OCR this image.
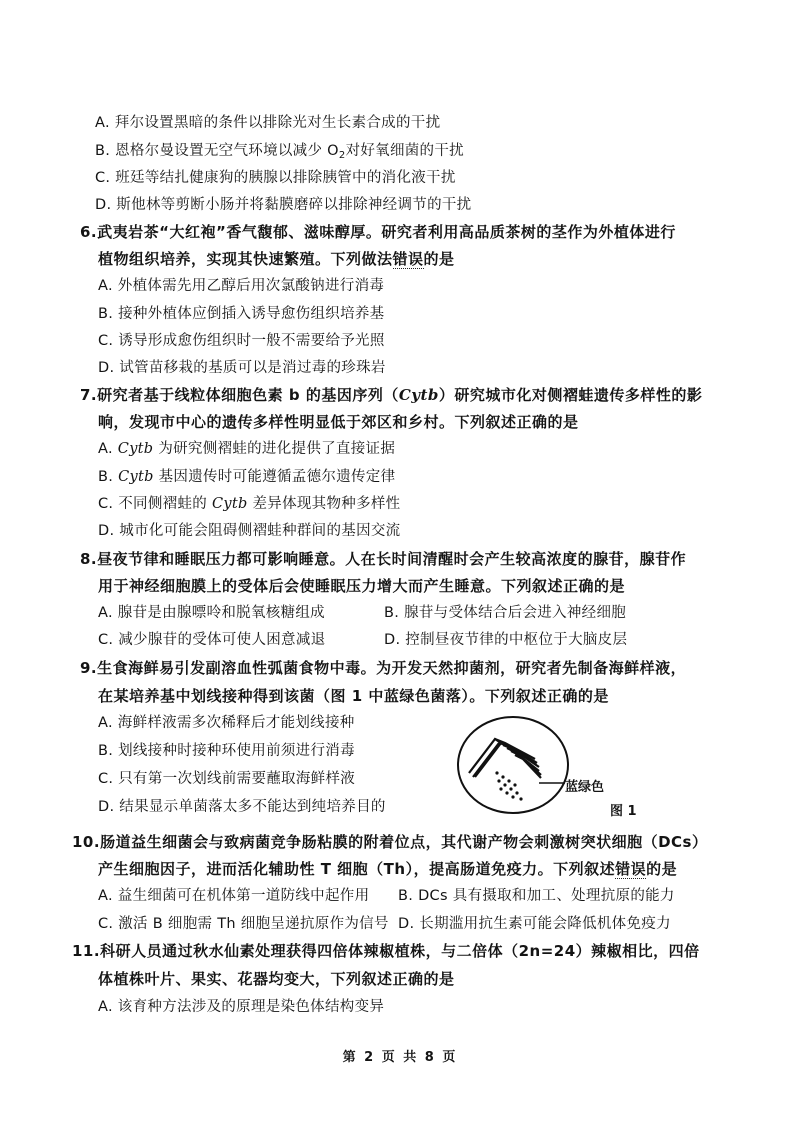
A. 拜尔设置黑暗的条件以排除光对生长素合成的干扰
B. 恩格尔曼设置无空气环境以减少 $O_2$对好氧细菌的干扰
C. 班廷等结扎健康狗的胰腺以排除胰管中的消化液干扰
D. 斯他林等剪断小肠并将黏膜磨碎以排除神经调节的干扰
6.武夷岩茶“大红袍”香气馥郁、滋味醇厚。研究者利用高品质茶树的茎作为外植体进行
植物组织培养，实现其快速繁殖。下列做法错误的是
A. 外植体需先用乙醇后用次氯酸钠进行消毒
B. 接种外植体应倒插入诱导愈伤组织培养基
C. 诱导形成愈伤组织时一般不需要给予光照
D. 试管苗移栽的基质可以是消过毒的珍珠岩
7.研究者基于线粒体细胞色素 b 的基因序列（Cytb）研究城市化对侧褶蛙遗传多样性的影
响，发现市中心的遗传多样性明显低于郊区和乡村。下列叙述正确的是
A. Cytb 为研究侧褶蛙的进化提供了直接证据
B. Cytb 基因遗传时可能遵循孟德尔遗传定律
C. 不同侧褶蛙的 Cytb 差异体现其物种多样性
D. 城市化可能会阻碍侧褶蛙种群间的基因交流
8.昼夜节律和睡眠压力都可影响睡意。人在长时间清醒时会产生较高浓度的腺苷，腺苷作
用于神经细胞膜上的受体后会使睡眠压力增大而产生睡意。下列叙述正确的是
A. 腺苷是由腺嘌呤和脱氧核糖组成	B. 腺苷与受体结合后会进入神经细胞
C. 减少腺苷的受体可使人困意减退	D. 控制昼夜节律的中枢位于大脑皮层
9.生食海鲜易引发副溶血性弧菌食物中毒。为开发天然抑菌剂，研究者先制备海鲜样液，
在某培养基中划线接种得到该菌（图 1 中蓝绿色菌落）。下列叙述正确的是
A. 海鲜样液需多次稀释后才能划线接种
B. 划线接种时接种环使用前须进行消毒
C. 只有第一次划线前需要蘸取海鲜样液
D. 结果显示单菌落太多不能达到纯培养目的
蓝绿色
图 1
10.肠道益生细菌会与致病菌竞争肠粘膜的附着位点，其代谢产物会刺激树突状细胞（DCs）
产生细胞因子，进而活化辅助性 T 细胞（Th），提高肠道免疫力。下列叙述错误的是
A. 益生细菌可在机体第一道防线中起作用 B. DCs 具有摄取和加工、处理抗原的能力
C. 激活 B 细胞需 Th 细胞呈递抗原作为信号 D. 长期滥用抗生素可能会降低机体免疫力
11.科研人员通过秋水仙素处理获得四倍体辣椒植株，与二倍体（2n=24）辣椒相比，四倍
体植株叶片、果实、花器均变大，下列叙述正确的是
A. 该育种方法涉及的原理是染色体结构变异
第 2 页 共 8 页
